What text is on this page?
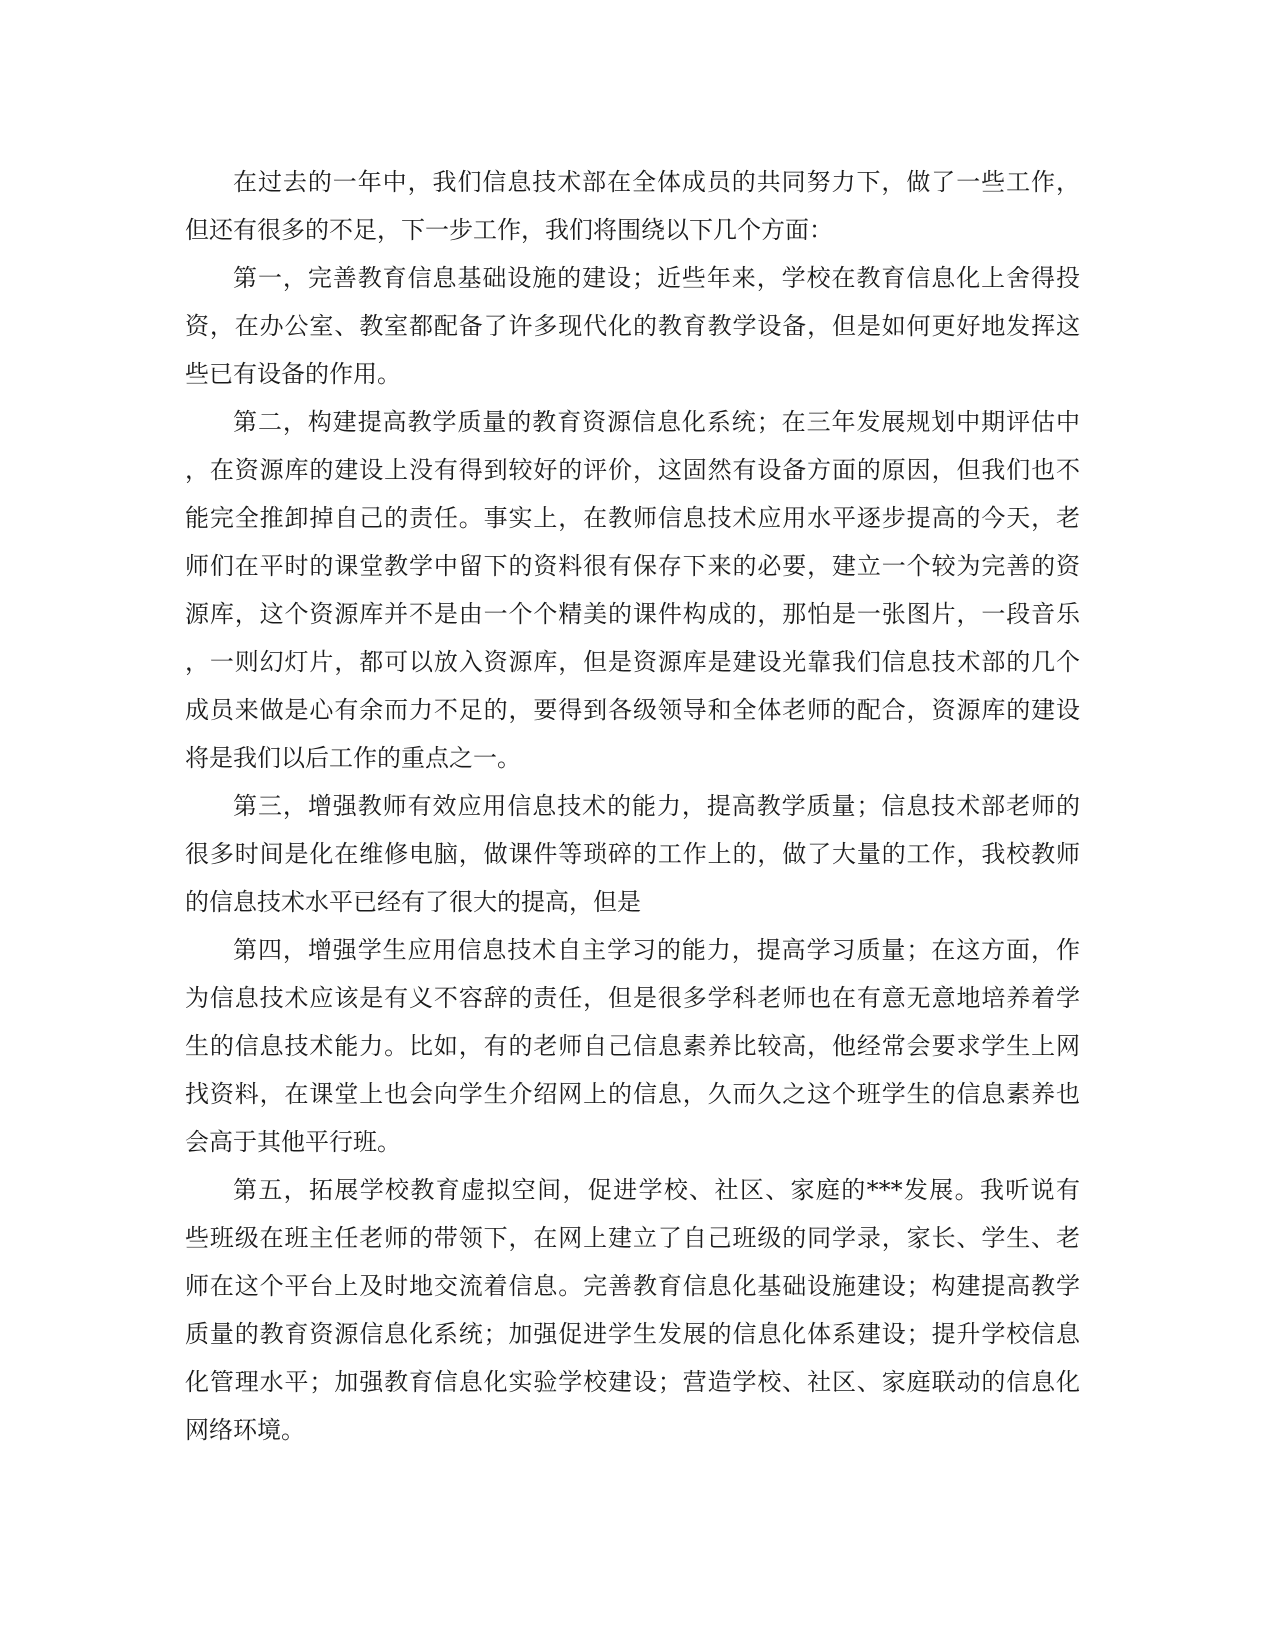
在过去的一年中，我们信息技术部在全体成员的共同努力下，做了一些工作，
但还有很多的不足，下一步工作，我们将围绕以下几个方面：
第一，完善教育信息基础设施的建设；近些年来，学校在教育信息化上舍得投
资，在办公室、教室都配备了许多现代化的教育教学设备，但是如何更好地发挥这
些已有设备的作用。
第二，构建提高教学质量的教育资源信息化系统；在三年发展规划中期评估中
，在资源库的建设上没有得到较好的评价，这固然有设备方面的原因，但我们也不
能完全推卸掉自己的责任。事实上，在教师信息技术应用水平逐步提高的今天，老
师们在平时的课堂教学中留下的资料很有保存下来的必要，建立一个较为完善的资
源库，这个资源库并不是由一个个精美的课件构成的，那怕是一张图片，一段音乐
，一则幻灯片，都可以放入资源库，但是资源库是建设光靠我们信息技术部的几个
成员来做是心有余而力不足的，要得到各级领导和全体老师的配合，资源库的建设
将是我们以后工作的重点之一。
第三，增强教师有效应用信息技术的能力，提高教学质量；信息技术部老师的
很多时间是化在维修电脑，做课件等琐碎的工作上的，做了大量的工作，我校教师
的信息技术水平已经有了很大的提高，但是
第四，增强学生应用信息技术自主学习的能力，提高学习质量；在这方面，作
为信息技术应该是有义不容辞的责任，但是很多学科老师也在有意无意地培养着学
生的信息技术能力。比如，有的老师自己信息素养比较高，他经常会要求学生上网
找资料，在课堂上也会向学生介绍网上的信息，久而久之这个班学生的信息素养也
会高于其他平行班。
第五，拓展学校教育虚拟空间，促进学校、社区、家庭的***发展。我听说有
些班级在班主任老师的带领下，在网上建立了自己班级的同学录，家长、学生、老
师在这个平台上及时地交流着信息。完善教育信息化基础设施建设；构建提高教学
质量的教育资源信息化系统；加强促进学生发展的信息化体系建设；提升学校信息
化管理水平；加强教育信息化实验学校建设；营造学校、社区、家庭联动的信息化
网络环境。
